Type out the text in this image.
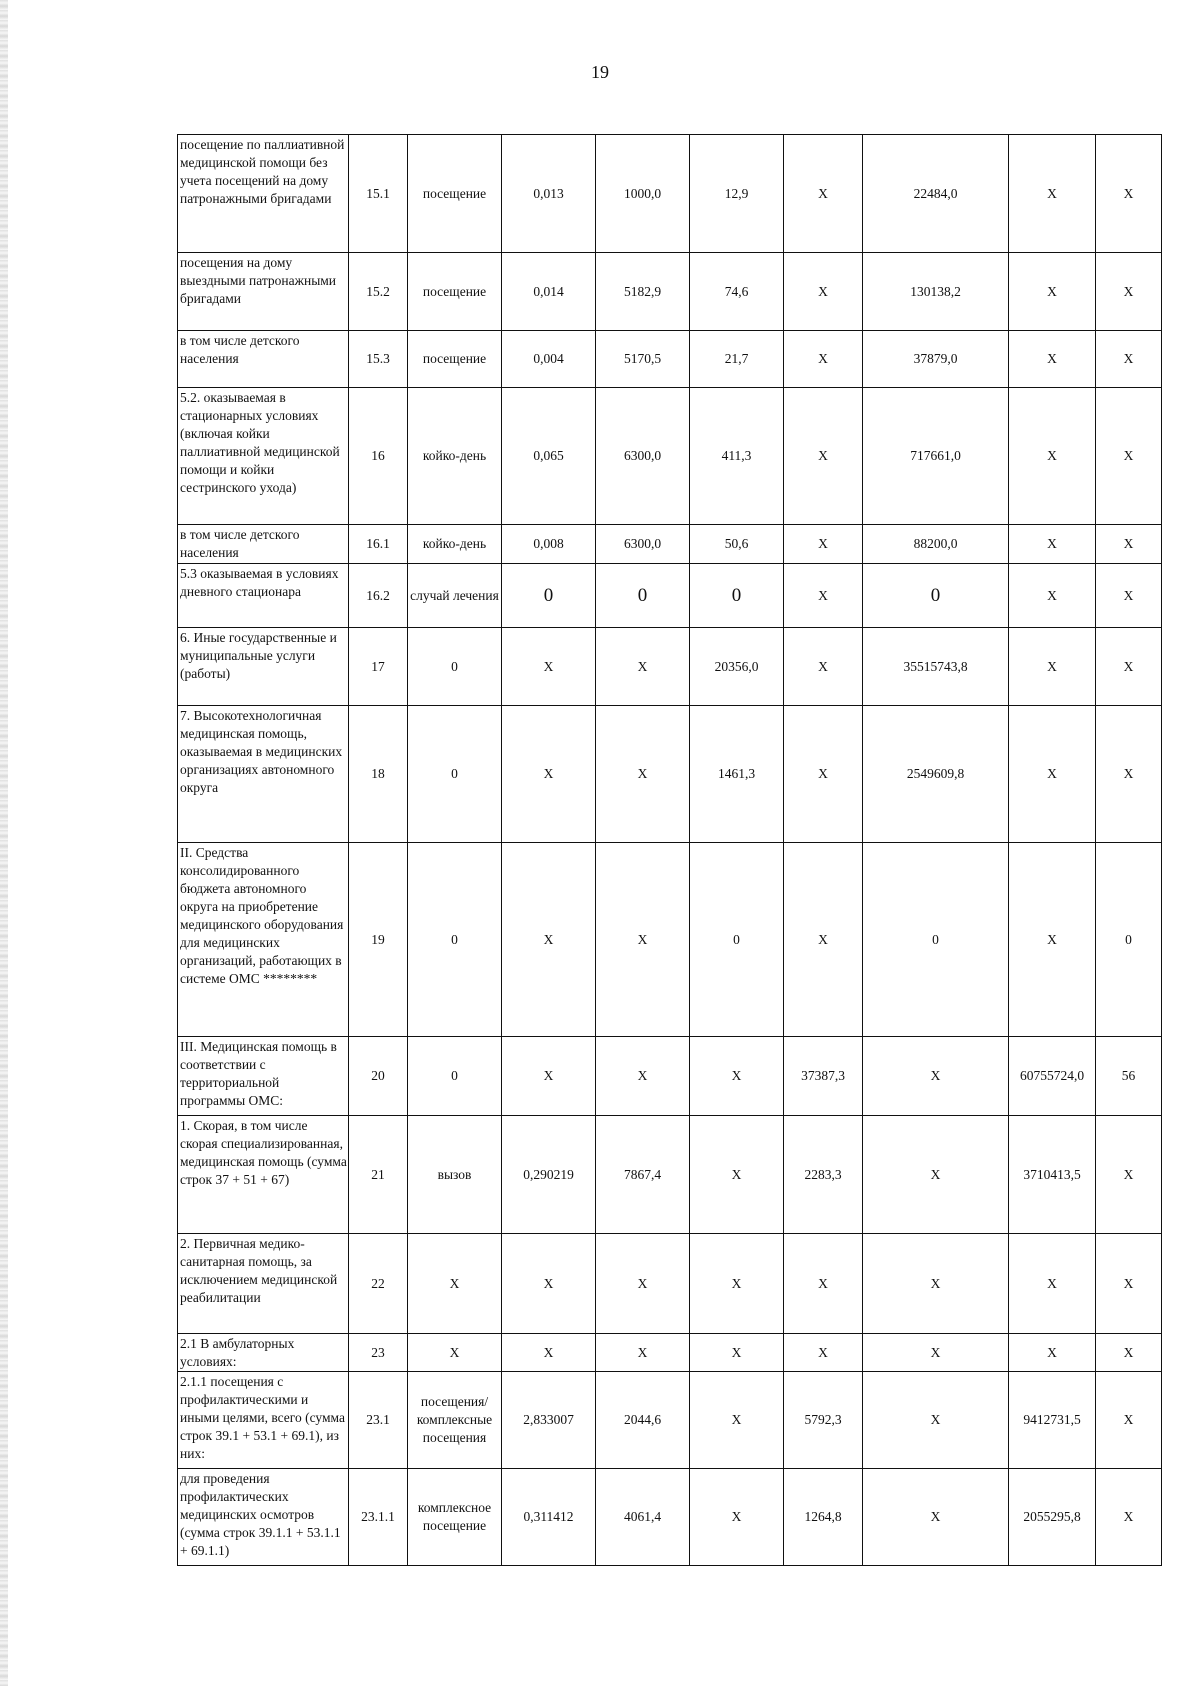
19
посещение по паллиативной медицинской помощи без учета посещений на дому патронажными бригадами	15.1	посещение	0,013	1000,0	12,9	X	22484,0	X	X
посещения на дому выездными патронажными бригадами	15.2	посещение	0,014	5182,9	74,6	X	130138,2	X	X
в том числе детского населения	15.3	посещение	0,004	5170,5	21,7	X	37879,0	X	X
5.2. оказываемая в стационарных условиях (включая койки паллиативной медицинской помощи и койки сестринского ухода)	16	койко-день	0,065	6300,0	411,3	X	717661,0	X	X
в том числе детского населения	16.1	койко-день	0,008	6300,0	50,6	X	88200,0	X	X
5.3 оказываемая в условиях дневного стационара	16.2	случай лечения	0	0	0	X	0	X	X
6. Иные государственные и муниципальные услуги (работы)	17	0	X	X	20356,0	X	35515743,8	X	X
7. Высокотехнологичная медицинская помощь, оказываемая в медицинских организациях автономного округа	18	0	X	X	1461,3	X	2549609,8	X	X
II. Средства консолидированного бюджета автономного округа на приобретение медицинского оборудования для медицинских организаций, работающих в системе ОМС ********	19	0	X	X	0	X	0	X	0
III. Медицинская помощь в соответствии с территориальной программы ОМС:	20	0	X	X	X	37387,3	X	60755724,0	56
1. Скорая, в том числе скорая специализированная, медицинская помощь (сумма строк 37 + 51 + 67)	21	вызов	0,290219	7867,4	X	2283,3	X	3710413,5	X
2. Первичная медико-санитарная помощь, за исключением медицинской реабилитации	22	X	X	X	X	X	X	X	X
2.1 В амбулаторных условиях:	23	X	X	X	X	X	X	X	X
2.1.1 посещения с профилактическими и иными целями, всего (сумма строк 39.1 + 53.1 + 69.1), из них:	23.1	посещения/комплексные посещения	2,833007	2044,6	X	5792,3	X	9412731,5	X
для проведения профилактических медицинских осмотров (сумма строк 39.1.1 + 53.1.1 + 69.1.1)	23.1.1	комплексное посещение	0,311412	4061,4	X	1264,8	X	2055295,8	X
